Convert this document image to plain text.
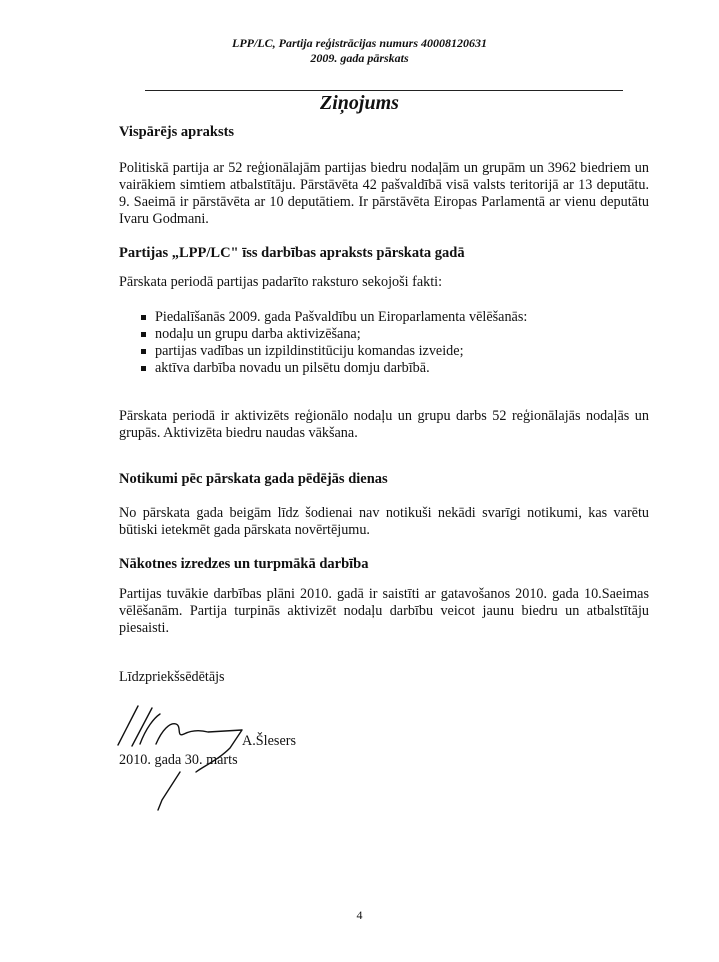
LPP/LC, Partija reģistrācijas numurs 40008120631
2009. gada pārskats
Ziņojums
Vispārējs apraksts
Politiskā partija ar 52 reģionālajām partijas biedru nodaļām un grupām un 3962 biedriem un vairākiem simtiem atbalstītāju. Pārstāvēta 42 pašvaldībā visā valsts teritorijā ar 13 deputātu. 9. Saeimā ir pārstāvēta ar 10 deputātiem. Ir pārstāvēta Eiropas Parlamentā ar vienu deputātu Ivaru Godmani.
Partijas „LPP/LC" īss darbības apraksts pārskata gadā
Pārskata periodā partijas padarīto raksturo sekojoši fakti:
Piedalīšanās 2009. gada Pašvaldību un Eiroparlamenta vēlēšanās:
nodaļu un grupu darba aktivizēšana;
partijas vadības un izpildinstitūciju komandas izveide;
aktīva darbība novadu un pilsētu domju darbībā.
Pārskata periodā ir aktivizēts reģionālo nodaļu un grupu darbs 52 reģionālajās nodaļās un grupās. Aktivizēta biedru naudas vākšana.
Notikumi pēc pārskata gada pēdējās dienas
No pārskata gada beigām līdz šodienai nav notikuši nekādi svarīgi notikumi, kas varētu būtiski ietekmēt gada pārskata novērtējumu.
Nākotnes izredzes un turpmākā darbība
Partijas tuvākie darbības plāni 2010. gadā ir saistīti ar gatavošanos 2010. gada 10.Saeimas vēlēšanām. Partija turpinās aktivizēt nodaļu darbību veicot jaunu biedru un atbalstītāju piesaisti.
Līdzpriekšsēdētājs
A.Šlesers
2010. gada 30. marts
4
